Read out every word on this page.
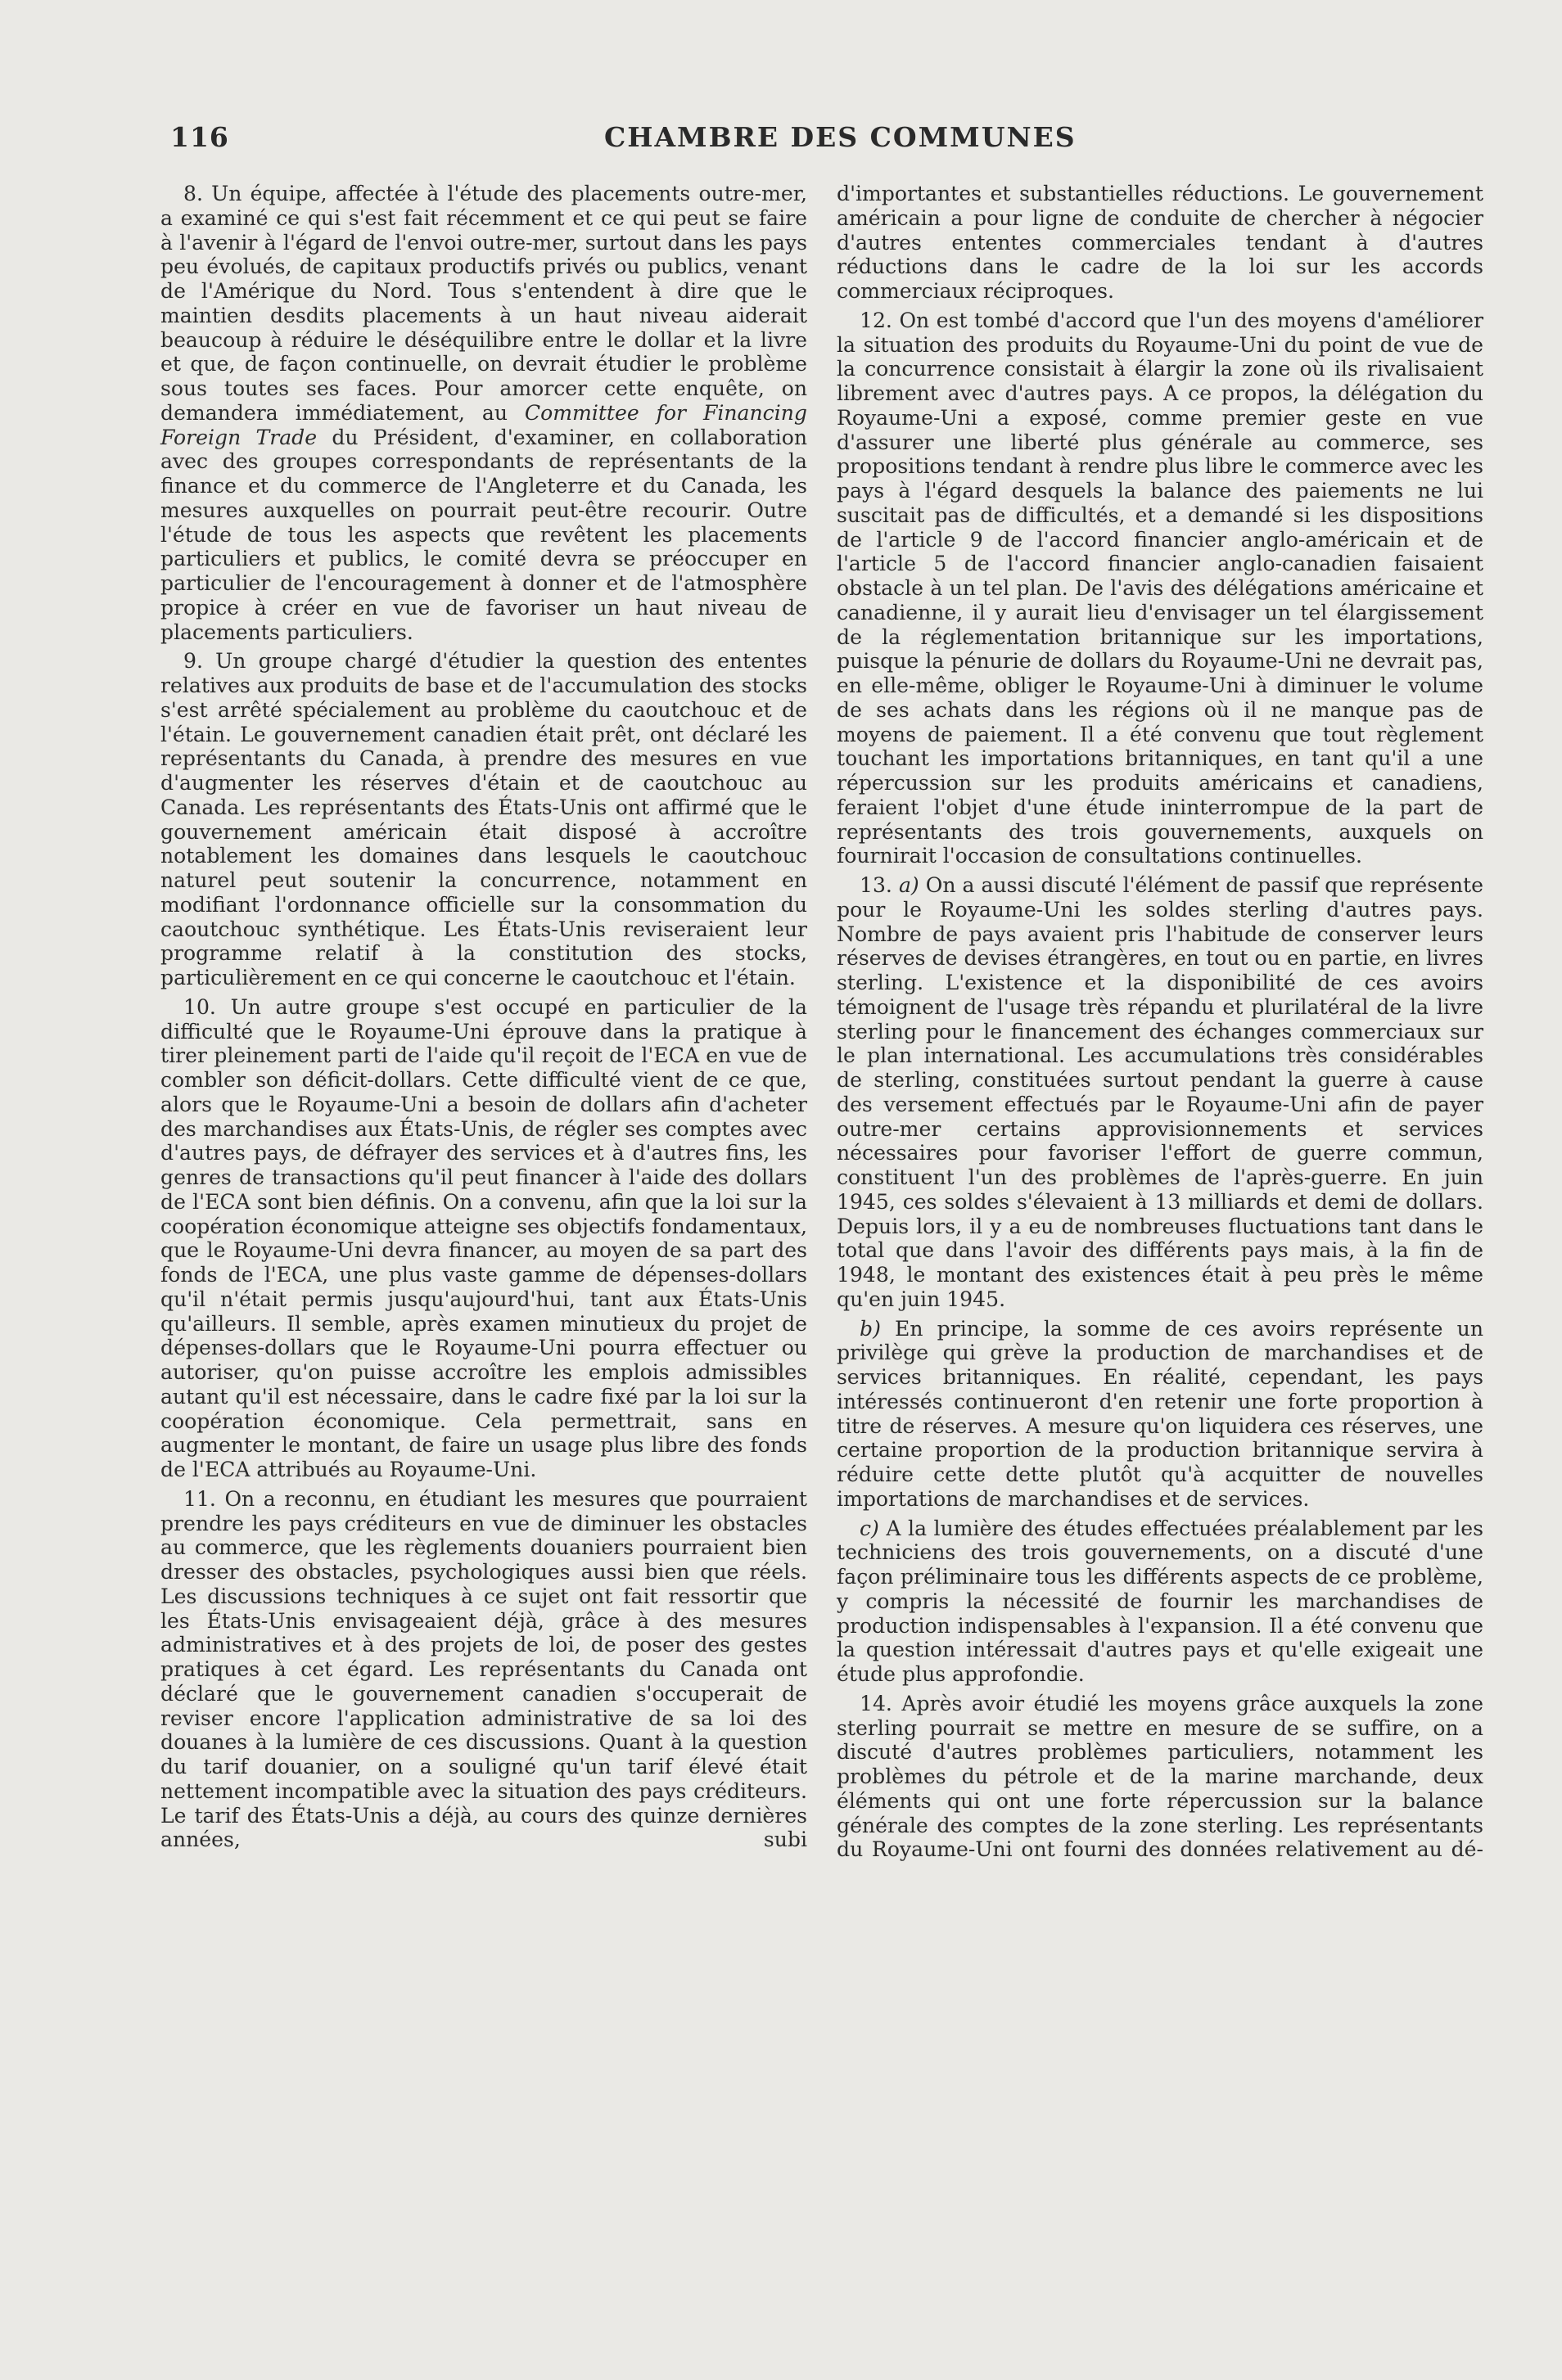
116	CHAMBRE DES COMMUNES

8. Un équipe, affectée à l'étude des placements outre-mer, a examiné ce qui s'est fait récemment et ce qui peut se faire à l'avenir à l'égard de l'envoi outre-mer, surtout dans les pays peu évolués, de capitaux productifs privés ou publics, venant de l'Amérique du Nord. Tous s'entendent à dire que le maintien desdits placements à un haut niveau aiderait beaucoup à réduire le déséquilibre entre le dollar et la livre et que, de façon continuelle, on devrait étudier le problème sous toutes ses faces. Pour amorcer cette enquête, on demandera immédiatement, au Committee for Financing Foreign Trade du Président, d'examiner, en collaboration avec des groupes correspondants de représentants de la finance et du commerce de l'Angleterre et du Canada, les mesures auxquelles on pourrait peut-être recourir. Outre l'étude de tous les aspects que revêtent les placements particuliers et publics, le comité devra se préoccuper en particulier de l'encouragement à donner et de l'atmosphère propice à créer en vue de favoriser un haut niveau de placements particuliers.

9. Un groupe chargé d'étudier la question des ententes relatives aux produits de base et de l'accumulation des stocks s'est arrêté spécialement au problème du caoutchouc et de l'étain. Le gouvernement canadien était prêt, ont déclaré les représentants du Canada, à prendre des mesures en vue d'augmenter les réserves d'étain et de caoutchouc au Canada. Les représentants des États-Unis ont affirmé que le gouvernement américain était disposé à accroître notablement les domaines dans lesquels le caoutchouc naturel peut soutenir la concurrence, notamment en modifiant l'ordonnance officielle sur la consommation du caoutchouc synthétique. Les États-Unis reviseraient leur programme relatif à la constitution des stocks, particulièrement en ce qui concerne le caoutchouc et l'étain.

10. Un autre groupe s'est occupé en particulier de la difficulté que le Royaume-Uni éprouve dans la pratique à tirer pleinement parti de l'aide qu'il reçoit de l'ECA en vue de combler son déficit-dollars. Cette difficulté vient de ce que, alors que le Royaume-Uni a besoin de dollars afin d'acheter des marchandises aux États-Unis, de régler ses comptes avec d'autres pays, de défrayer des services et à d'autres fins, les genres de transactions qu'il peut financer à l'aide des dollars de l'ECA sont bien définis. On a convenu, afin que la loi sur la coopération économique atteigne ses objectifs fondamentaux, que le Royaume-Uni devra financer, au moyen de sa part des fonds de l'ECA, une plus vaste gamme de dépenses-dollars qu'il n'était permis jusqu'aujourd'hui, tant aux États-Unis qu'ailleurs. Il semble, après examen minutieux du projet de dépenses-dollars que le Royaume-Uni pourra effectuer ou autoriser, qu'on puisse accroître les emplois admissibles autant qu'il est nécessaire, dans le cadre fixé par la loi sur la coopération économique. Cela permettrait, sans en augmenter le montant, de faire un usage plus libre des fonds de l'ECA attribués au Royaume-Uni.

11. On a reconnu, en étudiant les mesures que pourraient prendre les pays créditeurs en vue de diminuer les obstacles au commerce, que les règlements douaniers pourraient bien dresser des obstacles, psychologiques aussi bien que réels. Les discussions techniques à ce sujet ont fait ressortir que les États-Unis envisageaient déjà, grâce à des mesures administratives et à des projets de loi, de poser des gestes pratiques à cet égard. Les représentants du Canada ont déclaré que le gouvernement canadien s'occuperait de reviser encore l'application administrative de sa loi des douanes à la lumière de ces discussions. Quant à la question du tarif douanier, on a souligné qu'un tarif élevé était nettement incompatible avec la situation des pays créditeurs. Le tarif des États-Unis a déjà, au cours des quinze dernières années, subi

d'importantes et substantielles réductions. Le gouvernement américain a pour ligne de conduite de chercher à négocier d'autres ententes commerciales tendant à d'autres réductions dans le cadre de la loi sur les accords commerciaux réciproques.

12. On est tombé d'accord que l'un des moyens d'améliorer la situation des produits du Royaume-Uni du point de vue de la concurrence consistait à élargir la zone où ils rivalisaient librement avec d'autres pays. A ce propos, la délégation du Royaume-Uni a exposé, comme premier geste en vue d'assurer une liberté plus générale au commerce, ses propositions tendant à rendre plus libre le commerce avec les pays à l'égard desquels la balance des paiements ne lui suscitait pas de difficultés, et a demandé si les dispositions de l'article 9 de l'accord financier anglo-américain et de l'article 5 de l'accord financier anglo-canadien faisaient obstacle à un tel plan. De l'avis des délégations américaine et canadienne, il y aurait lieu d'envisager un tel élargissement de la réglementation britannique sur les importations, puisque la pénurie de dollars du Royaume-Uni ne devrait pas, en elle-même, obliger le Royaume-Uni à diminuer le volume de ses achats dans les régions où il ne manque pas de moyens de paiement. Il a été convenu que tout règlement touchant les importations britanniques, en tant qu'il a une répercussion sur les produits américains et canadiens, feraient l'objet d'une étude ininterrompue de la part de représentants des trois gouvernements, auxquels on fournirait l'occasion de consultations continuelles.

13. a) On a aussi discuté l'élément de passif que représente pour le Royaume-Uni les soldes sterling d'autres pays. Nombre de pays avaient pris l'habitude de conserver leurs réserves de devises étrangères, en tout ou en partie, en livres sterling. L'existence et la disponibilité de ces avoirs témoignent de l'usage très répandu et plurilatéral de la livre sterling pour le financement des échanges commerciaux sur le plan international. Les accumulations très considérables de sterling, constituées surtout pendant la guerre à cause des versement effectués par le Royaume-Uni afin de payer outre-mer certains approvisionnements et services nécessaires pour favoriser l'effort de guerre commun, constituent l'un des problèmes de l'après-guerre. En juin 1945, ces soldes s'élevaient à 13 milliards et demi de dollars. Depuis lors, il y a eu de nombreuses fluctuations tant dans le total que dans l'avoir des différents pays mais, à la fin de 1948, le montant des existences était à peu près le même qu'en juin 1945.

b) En principe, la somme de ces avoirs représente un privilège qui grève la production de marchandises et de services britanniques. En réalité, cependant, les pays intéressés continueront d'en retenir une forte proportion à titre de réserves. A mesure qu'on liquidera ces réserves, une certaine proportion de la production britannique servira à réduire cette dette plutôt qu'à acquitter de nouvelles importations de marchandises et de services.

c) A la lumière des études effectuées préalablement par les techniciens des trois gouvernements, on a discuté d'une façon préliminaire tous les différents aspects de ce problème, y compris la nécessité de fournir les marchandises de production indispensables à l'expansion. Il a été convenu que la question intéressait d'autres pays et qu'elle exigeait une étude plus approfondie.

14. Après avoir étudié les moyens grâce auxquels la zone sterling pourrait se mettre en mesure de se suffire, on a discuté d'autres problèmes particuliers, notamment les problèmes du pétrole et de la marine marchande, deux éléments qui ont une forte répercussion sur la balance générale des comptes de la zone sterling. Les représentants du Royaume-Uni ont fourni des données relativement au dé-
